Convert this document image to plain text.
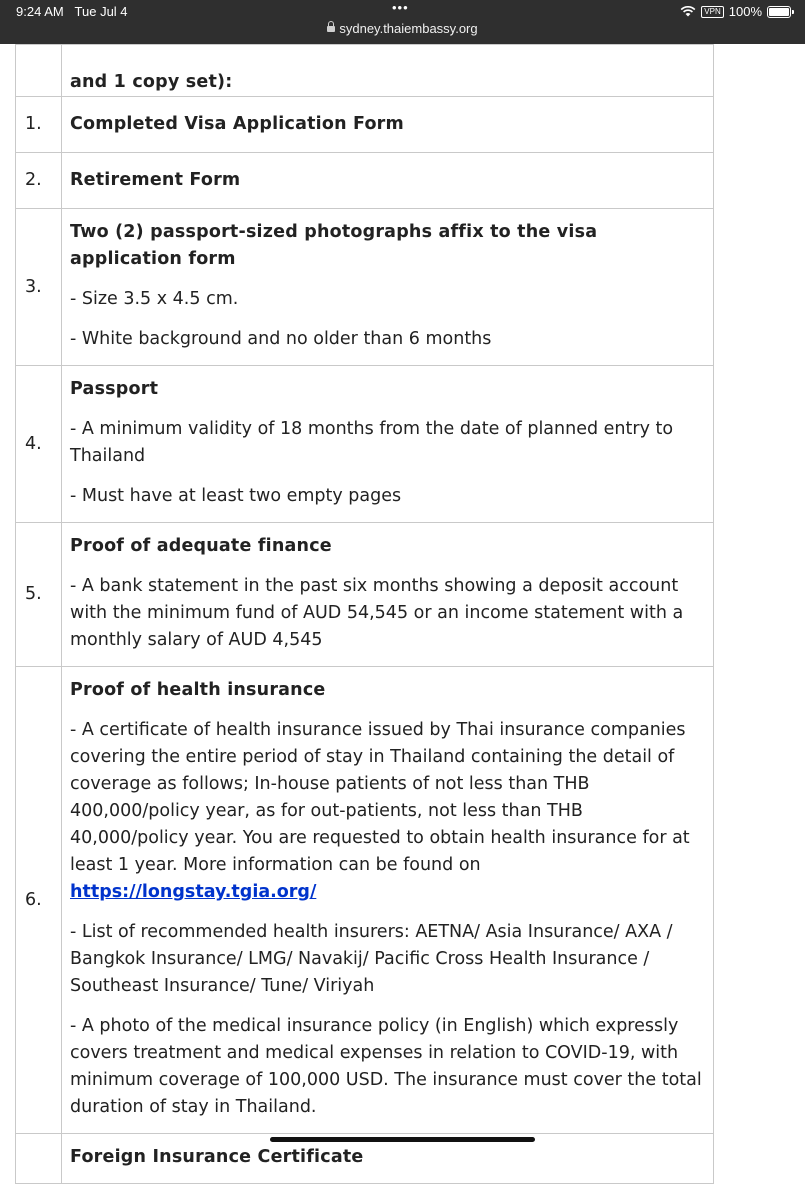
9:24 AM Tue Jul 4	•••
sydney.thaiembassy.org
VPN 100%
	and 1 copy set):
1.	Completed Visa Application Form
2.	Retirement Form
3.	Two (2) passport-sized photographs affix to the visa application form

- Size 3.5 x 4.5 cm.

- White background and no older than 6 months

4.	Passport

- A minimum validity of 18 months from the date of planned entry to Thailand

- Must have at least two empty pages

5.	Proof of adequate finance

- A bank statement in the past six months showing a deposit account with the minimum fund of AUD 54,545 or an income statement with a monthly salary of AUD 4,545

6.	Proof of health insurance

- A certificate of health insurance issued by Thai insurance companies covering the entire period of stay in Thailand containing the detail of coverage as follows; In-house patients of not less than THB 400,000/policy year, as for out-patients, not less than THB 40,000/policy year. You are requested to obtain health insurance for at least 1 year. More information can be found on https://longstay.tgia.org/

- List of recommended health insurers: AETNA/ Asia Insurance/ AXA / Bangkok Insurance/ LMG/ Navakij/ Pacific Cross Health Insurance / Southeast Insurance/ Tune/ Viriyah

- A photo of the medical insurance policy (in English) which expressly covers treatment and medical expenses in relation to COVID-19, with minimum coverage of 100,000 USD. The insurance must cover the total duration of stay in Thailand.

	Foreign Insurance Certificate
